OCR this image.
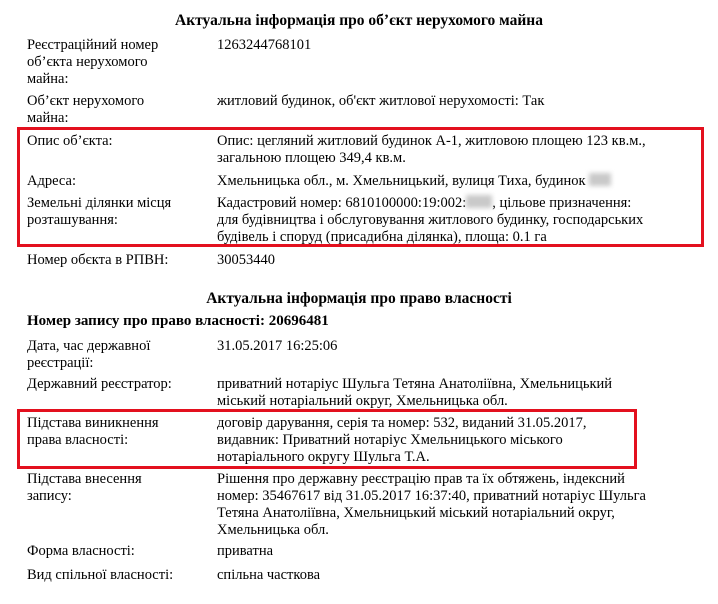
Актуальна інформація про об’єкт нерухомого майна
Реєстраційний номер
об’єкта нерухомого
майна:
1263244768101
Об’єкт нерухомого
майна:
житловий будинок, об'єкт житлової нерухомості: Так
Опис об’єкта:	Опис: цегляний житловий будинок А-1, житловою площею 123 кв.м.,
загальною площею 349,4 кв.м.
Адреса:	Хмельницька обл., м. Хмельницький, вулиця Тиха, будинок
Земельні ділянки місця
розташування:
Кадастровий номер: 6810100000:19:002: , цільове призначення:
для будівництва і обслуговування житлового будинку, господарських
будівель і споруд (присадибна ділянка), площа: 0.1 га
Номер обєкта в РПВН:	30053440
Актуальна інформація про право власності
Номер запису про право власності: 20696481
Дата, час державної
реєстрації:
31.05.2017 16:25:06
Державний реєстратор:	приватний нотаріус Шульга Тетяна Анатоліївна, Хмельницький
міський нотаріальний округ, Хмельницька обл.
Підстава виникнення
права власності:
договір дарування, серія та номер: 532, виданий 31.05.2017,
видавник: Приватний нотаріус Хмельницького міського
нотаріального округу Шульга Т.А.
Підстава внесення
запису:
Рішення про державну реєстрацію прав та їх обтяжень, індексний
номер: 35467617 від 31.05.2017 16:37:40, приватний нотаріус Шульга
Тетяна Анатоліївна, Хмельницький міський нотаріальний округ,
Хмельницька обл.
Форма власності:	приватна
Вид спільної власності:	спільна часткова
